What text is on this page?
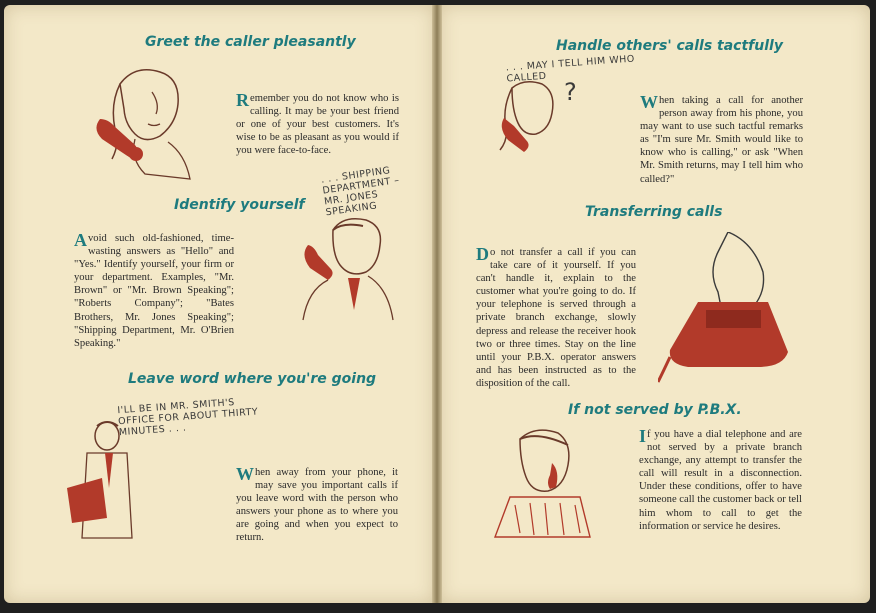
Greet the caller pleasantly
Remember you do not know who is calling. It may be your best friend or one of your best customers. It's wise to be as pleasant as you would if you were face-to-face.
Identify yourself
. . . SHIPPING DEPARTMENT – MR. JONES SPEAKING
Avoid such old-fashioned, time-wasting answers as "Hello" and "Yes." Identify yourself, your firm or your department. Examples, "Mr. Brown" or "Mr. Brown Speaking"; "Roberts Company"; "Bates Brothers, Mr. Jones Speaking"; "Shipping Department, Mr. O'Brien Speaking."
Leave word where you're going
I'LL BE IN MR. SMITH'S OFFICE FOR ABOUT THIRTY MINUTES . . .
When away from your phone, it may save you important calls if you leave word with the person who answers your phone as to where you are going and when you expect to return.
Handle others' calls tactfully
. . . MAY I TELL HIM WHO CALLED
?	When taking a call for another person away from his phone, you may want to use such tactful remarks as "I'm sure Mr. Smith would like to know who is calling," or ask "When Mr. Smith returns, may I tell him who called?"
Transferring calls
Do not transfer a call if you can take care of it yourself. If you can't handle it, explain to the customer what you're going to do. If your telephone is served through a private branch exchange, slowly depress and release the receiver hook two or three times. Stay on the line until your P.B.X. operator answers and has been instructed as to the disposition of the call.
If not served by P.B.X.
If you have a dial telephone and are not served by a private branch exchange, any attempt to transfer the call will result in a disconnection. Under these conditions, offer to have someone call the customer back or tell him whom to call to get the information or service he desires.
